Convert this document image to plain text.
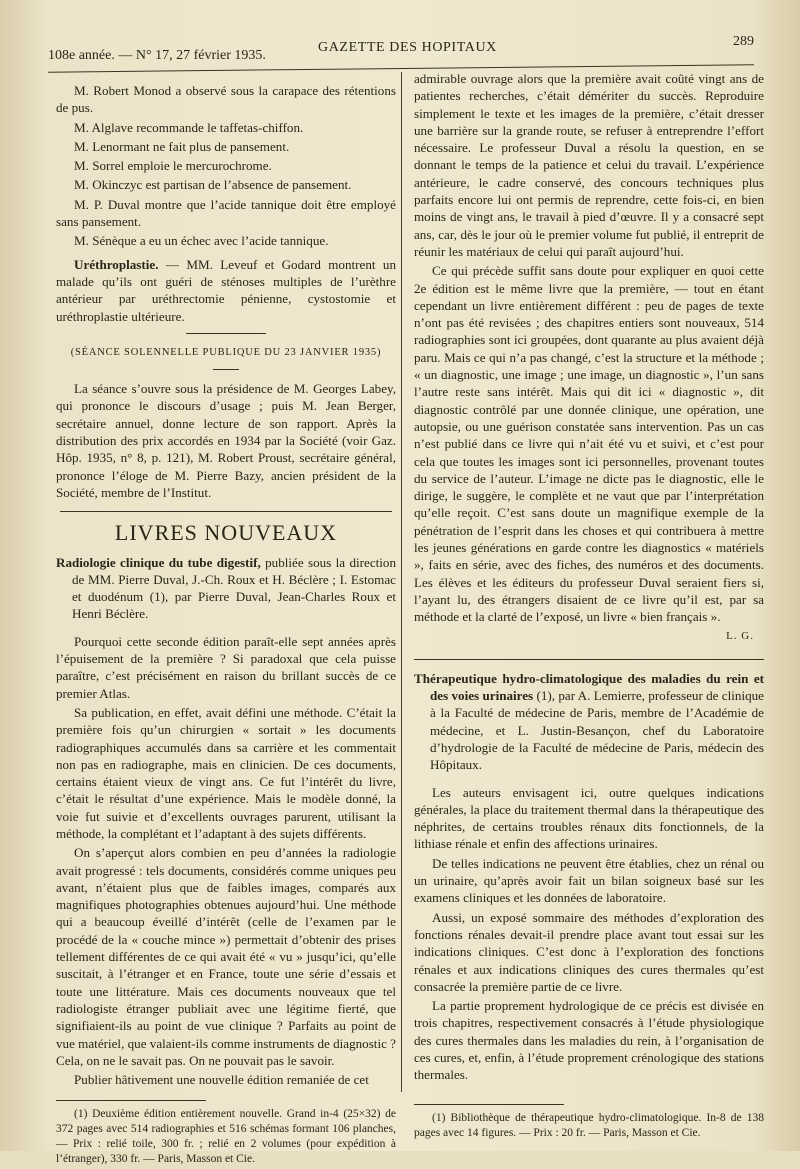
108e année. — N° 17, 27 février 1935.
GAZETTE DES HOPITAUX	289

M. Robert Monod a observé sous la carapace des rétentions de pus.

M. Alglave recommande le taffetas-chiffon.

M. Lenormant ne fait plus de pansement.

M. Sorrel emploie le mercurochrome.

M. Okinczyc est partisan de l’absence de pansement.

M. P. Duval montre que l’acide tannique doit être employé sans pansement.

M. Sénèque a eu un échec avec l’acide tannique.

Uréthroplastie. — MM. Leveuf et Godard montrent un malade qu’ils ont guéri de sténoses multiples de l’urèthre antérieur par uréthrectomie pénienne, cystostomie et uréthroplastie ultérieure.

(SÉANCE SOLENNELLE PUBLIQUE DU 23 JANVIER 1935)

La séance s’ouvre sous la présidence de M. Georges Labey, qui prononce le discours d’usage ; puis M. Jean Berger, secrétaire annuel, donne lecture de son rapport. Après la distribution des prix accordés en 1934 par la Société (voir Gaz. Hôp. 1935, n° 8, p. 121), M. Robert Proust, secrétaire général, prononce l’éloge de M. Pierre Bazy, ancien président de la Société, membre de l’Institut.

LIVRES NOUVEAUX

Radiologie clinique du tube digestif, publiée sous la direction de MM. Pierre Duval, J.-Ch. Roux et H. Béclère ; I. Estomac et duodénum (1), par Pierre Duval, Jean-Charles Roux et Henri Béclère.

Pourquoi cette seconde édition paraît-elle sept années après l’épuisement de la première ? Si paradoxal que cela puisse paraître, c’est précisément en raison du brillant succès de ce premier Atlas.

Sa publication, en effet, avait défini une méthode. C’était la première fois qu’un chirurgien « sortait » les documents radiographiques accumulés dans sa carrière et les commentait non pas en radiographe, mais en clinicien. De ces documents, certains étaient vieux de vingt ans. Ce fut l’intérêt du livre, c’était le résultat d’une expérience. Mais le modèle donné, la voie fut suivie et d’excellents ouvrages parurent, utilisant la méthode, la complétant et l’adaptant à des sujets différents.

On s’aperçut alors combien en peu d’années la radiologie avait progressé : tels documents, considérés comme uniques peu avant, n’étaient plus que de faibles images, comparés aux magnifiques photographies obtenues aujourd’hui. Une méthode qui a beaucoup éveillé d’intérêt (celle de l’examen par le procédé de la « couche mince ») permettait d’obtenir des prises tellement différentes de ce qui avait été « vu » jusqu’ici, qu’elle suscitait, à l’étranger et en France, toute une série d’essais et toute une littérature. Mais ces documents nouveaux que tel radiologiste étranger publiait avec une légitime fierté, que signifiaient-ils au point de vue clinique ? Parfaits au point de vue matériel, que valaient-ils comme instruments de diagnostic ? Cela, on ne le savait pas. On ne pouvait pas le savoir.

Publier hâtivement une nouvelle édition remaniée de cet

(1) Deuxième édition entièrement nouvelle. Grand in-4 (25×32) de 372 pages avec 514 radiographies et 516 schémas formant 106 planches, — Prix : relié toile, 300 fr. ; relié en 2 volumes (pour expédition à l’étranger), 330 fr. — Paris, Masson et Cie.

admirable ouvrage alors que la première avait coûté vingt ans de patientes recherches, c’était démériter du succès. Reproduire simplement le texte et les images de la première, c’était dresser une barrière sur la grande route, se refuser à entreprendre l’effort nécessaire. Le professeur Duval a résolu la question, en se donnant le temps de la patience et celui du travail. L’expérience antérieure, le cadre conservé, des concours techniques plus parfaits encore lui ont permis de reprendre, cette fois-ci, en bien moins de vingt ans, le travail à pied d’œuvre. Il y a consacré sept ans, car, dès le jour où le premier volume fut publié, il entreprit de réunir les matériaux de celui qui paraît aujourd’hui.

Ce qui précède suffit sans doute pour expliquer en quoi cette 2e édition est le même livre que la première, — tout en étant cependant un livre entièrement différent : peu de pages de texte n’ont pas été revisées ; des chapitres entiers sont nouveaux, 514 radiographies sont ici groupées, dont quarante au plus avaient déjà paru. Mais ce qui n’a pas changé, c’est la structure et la méthode ; « un diagnostic, une image ; une image, un diagnostic », l’un sans l’autre reste sans intérêt. Mais qui dit ici « diagnostic », dit diagnostic contrôlé par une donnée clinique, une opération, une autopsie, ou une guérison constatée sans intervention. Pas un cas n’est publié dans ce livre qui n’ait été vu et suivi, et c’est pour cela que toutes les images sont ici personnelles, provenant toutes du service de l’auteur. L’image ne dicte pas le diagnostic, elle le dirige, le suggère, le complète et ne vaut que par l’interprétation qu’elle reçoit. C’est sans doute un magnifique exemple de la pénétration de l’esprit dans les choses et qui contribuera à mettre les jeunes générations en garde contre les diagnostics « matériels », faits en série, avec des fiches, des numéros et des documents. Les élèves et les éditeurs du professeur Duval seraient fiers si, l’ayant lu, des étrangers disaient de ce livre qu’il est, par sa méthode et la clarté de l’exposé, un livre « bien français ».

L. G.

Thérapeutique hydro-climatologique des maladies du rein et des voies urinaires (1), par A. Lemierre, professeur de clinique à la Faculté de médecine de Paris, membre de l’Académie de médecine, et L. Justin-Besançon, chef du Laboratoire d’hydrologie de la Faculté de médecine de Paris, médecin des Hôpitaux.

Les auteurs envisagent ici, outre quelques indications générales, la place du traitement thermal dans la thérapeutique des néphrites, de certains troubles rénaux dits fonctionnels, de la lithiase rénale et enfin des affections urinaires.

De telles indications ne peuvent être établies, chez un rénal ou un urinaire, qu’après avoir fait un bilan soigneux basé sur les examens cliniques et les données de laboratoire.

Aussi, un exposé sommaire des méthodes d’exploration des fonctions rénales devait-il prendre place avant tout essai sur les indications cliniques. C’est donc à l’exploration des fonctions rénales et aux indications cliniques des cures thermales qu’est consacrée la première partie de ce livre.

La partie proprement hydrologique de ce précis est divisée en trois chapitres, respectivement consacrés à l’étude physiologique des cures thermales dans les maladies du rein, à l’organisation de ces cures, et, enfin, à l’étude proprement crénologique des stations thermales.

(1) Bibliothèque de thérapeutique hydro-climatologique. In-8 de 138 pages avec 14 figures. — Prix : 20 fr. — Paris, Masson et Cie.
